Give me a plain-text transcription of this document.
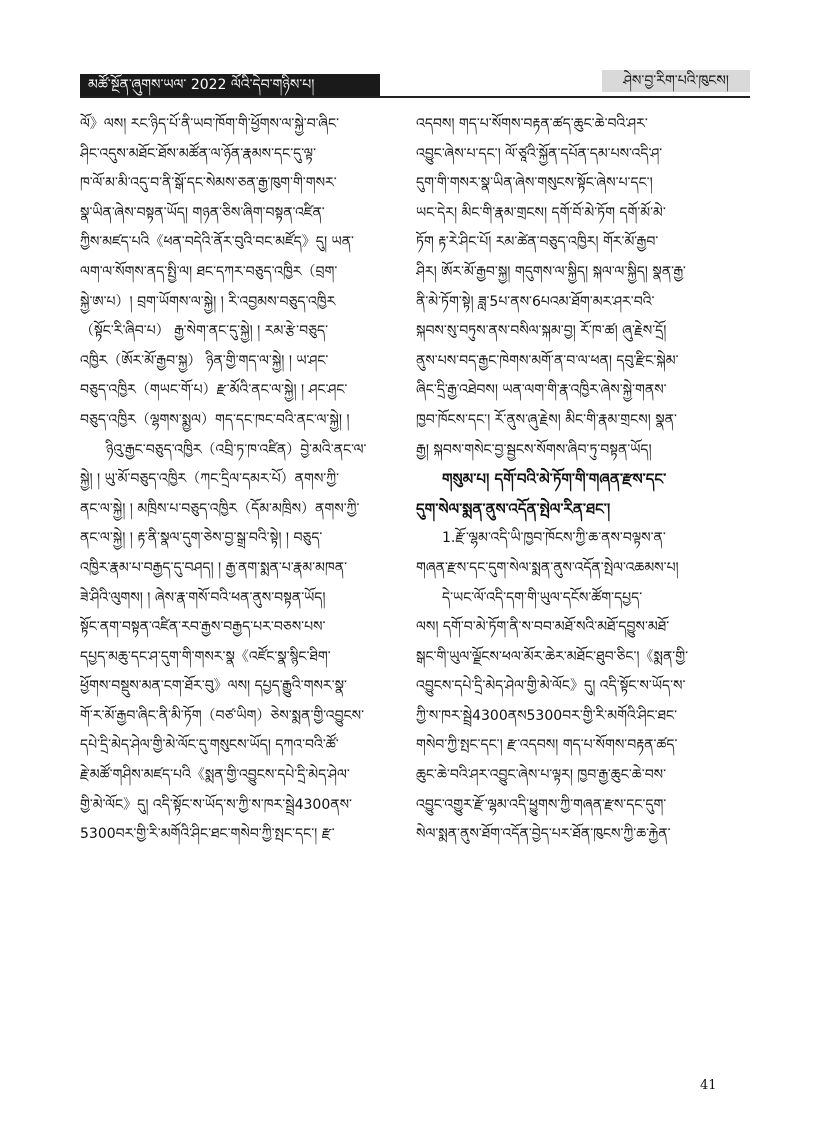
མཚོ་སྔོན་ཞུགས་ཡལ་ 2022 ལོའི་དེབ་གཉིས་པ།	ཤེས་བྱ་རིག་པའི་ཁུངས།
ལོ》ལས། རང་ཉིད་པོ་ནི་ཡབ་ཁོག་གི་ཕྱོགས་ལ་སྐྱེ་བ་ཞིང་
ཤིང་འདུས་མཐོང་ཐོས་མཚོན་ལ་ཉོན་རྣམས་དང་དུ་ལྟ་
ཁ་ལོ་མ་མི་འདུ་བ་ནི་སྒོ་དང་སེམས་ཅན་རྒྱ་ཁུག་གི་གསར་
སྣ་ཡིན་ཞེས་བསྟན་ཡོད། གཉན་ཅིས་ཞིག་བསྟན་འཛིན་
ཀྱིས་མཛད་པའི《ཕན་བདེའི་ནོར་བུའི་བང་མཛོད》དུ། ཡན་
ལག་ལ་སོགས་ནད་སྤྱི་ལ། ཐང་དཀར་བཅུད་འཁྱིར（བྲག་
སྐྱེ་ཨ་པ）། བྲག་ཡོགས་ལ་སྐྱེ། ། རི་འབྱམས་བཅུད་འཁྱིར
（སྟོང་རི་ཞིབ་པ） རྒྱ་སེག་ནང་དུ་སྐྱེ། ། རམ་རྩེ་བཅུད་
འཁྱིར（ཨོར་མོ་རྒྱབ་སྐྱ） ཉིན་གྱི་གད་ལ་སྐྱེ། ། ཡ་ཤང་
བཅུད་འཁྱིར（གཡང་གོ་པ）རྫ་མོའི་ནང་ལ་སྐྱེ། ། ཤང་ཤང་
བཅུད་འཁྱིར（ལྷགས་སྨྱལ）གད་དང་ཁང་བའི་ནང་ལ་སྐྱེ། །
ཉིའུ་རྒྱང་བཅུད་འཁྱིར（འབྲི་ཏ་ཁ་འཛིན）བྱེ་མའི་ནང་ལ་
སྐྱེ། ། ཡུ་མོ་བཅུད་འཁྱིར（ཀང་དྲིལ་དམར་པོ）ནགས་ཀྱི་
ནང་ལ་སྐྱེ། ། མཁྲིས་པ་བཅུད་འཁྱིར（དོམ་མཁྲིས）ནགས་ཀྱི་
ནང་ལ་སྐྱེ། ། རྟ་ནི་སྣལ་དུག་ཅེས་བྱ་སྒྲ་བའི་སྟེ། ། བཅུད་
འཁྱིར་རྣམ་པ་བརྒྱད་དུ་བཤད། ། རྒྱ་ནག་སྨན་པ་རྣམ་མཁན་
ཟེ་ཤིའི་ལུགས། ། ཞེས་རྣ་གསོ་བའི་ཕན་ནུས་བསྟན་ཡོད།
སྟོང་ནག་བསྟན་འཛིན་རབ་རྒྱས་བརྒྱད་པར་བཅས་པས་
དཔྱད་མཆུ་དང་ཤ་དུག་གི་གསར་སྣ《འཛོང་སྣ་སྙིང་ཐིག་
ཕྱོགས་བསྡུས་མན་ངག་ཐོར་བུ》ལས། དཔྱད་རྒྱུའི་གསར་སྣ་
གོ་ར་མོ་རྒྱབ་ཞིང་ནི་མི་ཏོག（བཙ་ཡིག）ཅེས་སྨན་གྱི་འབྱུངས་
དཔེ་དྲི་མེད་ཤེལ་གྱི་མེ་ལོང་དུ་གསུངས་ཡོད། དཀའ་བའི་ཚོ་
རྗེ་མཚོ་གཤིས་མཛད་པའི《སྨན་གྱི་འབྱུངས་དཔེ་དྲི་མེད་ཤེལ་
གྱི་མེ་ལོང》དུ། འདི་སྟོང་ས་ཡོད་ས་ཀྱི་ས་ཁར་སྦྲེ4300ནས་
5300བར་གྱི་རི་མགོའི་ཤིང་ཐང་གསེབ་ཀྱི་སྤང་དང་། རྫ་
འདབས། གད་པ་སོགས་བརྟན་ཚད་ཆུང་ཆེ་བའི་ཤར་
འབྱུང་ཞེས་པ་དང་། ལོ་ཙཱའི་སྐྱོན་དཔོན་དམ་པས་འདི་ཤ་
དུག་གི་གསར་སྣ་ཡིན་ཞེས་གསུངས་སྟོང་ཞེས་པ་དང་།
ཡང་དེར། མིང་གི་རྣམ་གྲངས། དགོ་བོ་མེ་ཏོག དགོ་མོ་མེ་
ཏོག རྟ་རེ་ཤིང་པོ། རམ་ཚེན་བཅུད་འཁྱིར། གོར་མོ་རྒྱབ་
ཤིར། ཨོར་མོ་རྒྱབ་སྐྱ། གདུགས་ལ་སྐྱིད། སྐལ་ལ་སྐྱིད། སྣན་རྒྱ་
ནི་མེ་ཏོག་སྟེ། ཟླ་5པ་ནས་6པའམ་ཐོག་མར་ཤར་བའི་
སྐབས་སུ་བཏུས་ནས་བསིལ་སྐམ་བྱ། རོ་ཁ་ཚ། ཞུ་རྗེས་དྲོ།
ནུས་པས་བད་རྒྱང་ཁེགས་མགོ་ན་བ་ལ་ཕན། དབུ་རྫིང་སྐེམ་
ཞིང་དྲི་རྒྱ་འཐེབས། ཡན་ལག་གི་རྣ་འཁྱིར་ཞེས་སྐྱེ་གནས་
ཁྱབ་ཁོངས་དང་། རོ་ནུས་ཞུ་རྗེས། མིང་གི་རྣམ་གྲངས། སྣན་
རྒྱ། སྐབས་གསེང་བྱ་སྦྱངས་སོགས་ཞིབ་ཏུ་བསྟན་ཡོད།
གསུམ་པ། དགོ་བའི་མེ་ཏོག་གི་གཞན་རྫས་དང་
དུག་སེལ་སྨན་ནུས་འདོན་སྤེལ་རིན་ཐང་།
1.རྫོ་ལྷམ་འདི་ཡི་ཁྱབ་ཁོངས་ཀྱི་ཆ་ནས་བལྟས་ན་
གཞན་རྫས་དང་དུག་སེལ་སྨན་ནུས་འདོན་སྤེལ་འཆམས་པ།
དེ་ཡང་ལོ་འདི་དག་གི་ཡུལ་དངོས་ཚོག་དཔྱད་
ལས། དགོ་བ་མེ་ཏོག་ནི་ས་བབ་མཐོ་སའི་མཐོ་དབྱུས་མཐོ་
སྒང་གི་ཡུལ་ལྗོངས་ཕལ་མོར་ཆེར་མཐོང་ཐུབ་ཅིང་།《སྨན་གྱི་
འབྱུངས་དཔེ་དྲི་མེད་ཤེལ་གྱི་མེ་ལོང》དུ། འདི་སྟོང་ས་ཡོད་ས་
ཀྱི་ས་ཁར་སྦྲེ4300ནས5300བར་གྱི་རི་མགོའི་ཤིང་ཐང་
གསེབ་ཀྱི་སྤང་དང་། རྫ་འདབས། གད་པ་སོགས་བརྟན་ཚད་
ཆུང་ཆེ་བའི་ཤར་འབྱུང་ཞེས་པ་ལྟར། ཁྱབ་རྒྱ་ཆུང་ཆེ་བས་
འབྱུང་འགྱུར་རྫོ་ལྷམ་འདི་ཕྱུགས་ཀྱི་གཞན་རྫས་དང་དུག་
སེལ་སྨན་ནུས་ཐོག་འདོན་བྱེད་པར་ཐོན་ཁུངས་ཀྱི་ཆ་རྐྱེན་
41
